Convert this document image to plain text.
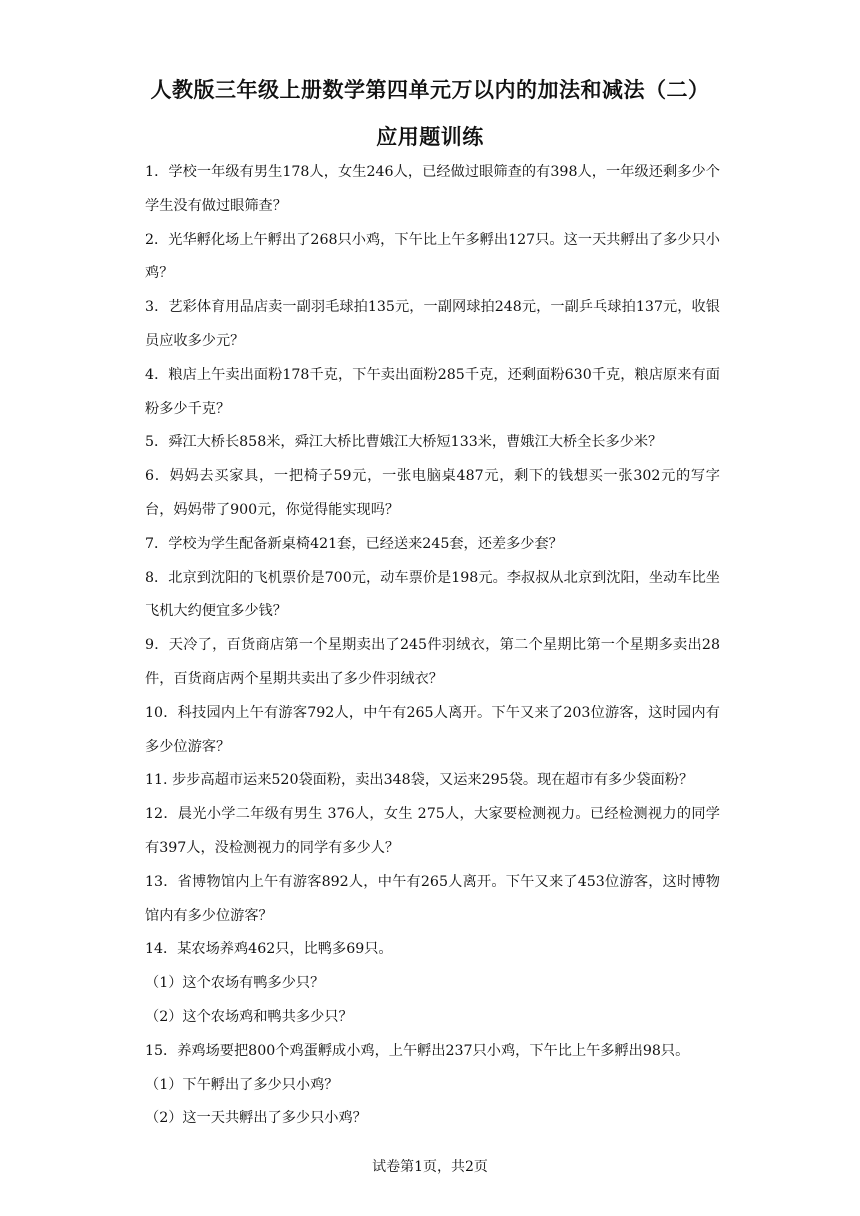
人教版三年级上册数学第四单元万以内的加法和减法（二）
应用题训练

1．学校一年级有男生178人，女生246人，已经做过眼筛查的有398人，一年级还剩多少个学生没有做过眼筛查？

2．光华孵化场上午孵出了268只小鸡，下午比上午多孵出127只。这一天共孵出了多少只小鸡？

3．艺彩体育用品店卖一副羽毛球拍135元，一副网球拍248元，一副乒乓球拍137元，收银员应收多少元？

4．粮店上午卖出面粉178千克，下午卖出面粉285千克，还剩面粉630千克，粮店原来有面粉多少千克？

5．舜江大桥长858米，舜江大桥比曹娥江大桥短133米，曹娥江大桥全长多少米？

6．妈妈去买家具，一把椅子59元，一张电脑桌487元，剩下的钱想买一张302元的写字台，妈妈带了900元，你觉得能实现吗？

7．学校为学生配备新桌椅421套，已经送来245套，还差多少套？

8．北京到沈阳的飞机票价是700元，动车票价是198元。李叔叔从北京到沈阳，坐动车比坐飞机大约便宜多少钱？

9．天冷了，百货商店第一个星期卖出了245件羽绒衣，第二个星期比第一个星期多卖出28件，百货商店两个星期共卖出了多少件羽绒衣？

10．科技园内上午有游客792人，中午有265人离开。下午又来了203位游客，这时园内有多少位游客？

11. 步步高超市运来520袋面粉，卖出348袋，又运来295袋。现在超市有多少袋面粉？

12．晨光小学二年级有男生 376人，女生 275人，大家要检测视力。已经检测视力的同学有397人，没检测视力的同学有多少人？

13．省博物馆内上午有游客892人，中午有265人离开。下午又来了453位游客，这时博物馆内有多少位游客？

14．某农场养鸡462只，比鸭多69只。

（1）这个农场有鸭多少只？

（2）这个农场鸡和鸭共多少只？

15．养鸡场要把800个鸡蛋孵成小鸡，上午孵出237只小鸡，下午比上午多孵出98只。

（1）下午孵出了多少只小鸡？

（2）这一天共孵出了多少只小鸡？

试卷第1页，共2页
